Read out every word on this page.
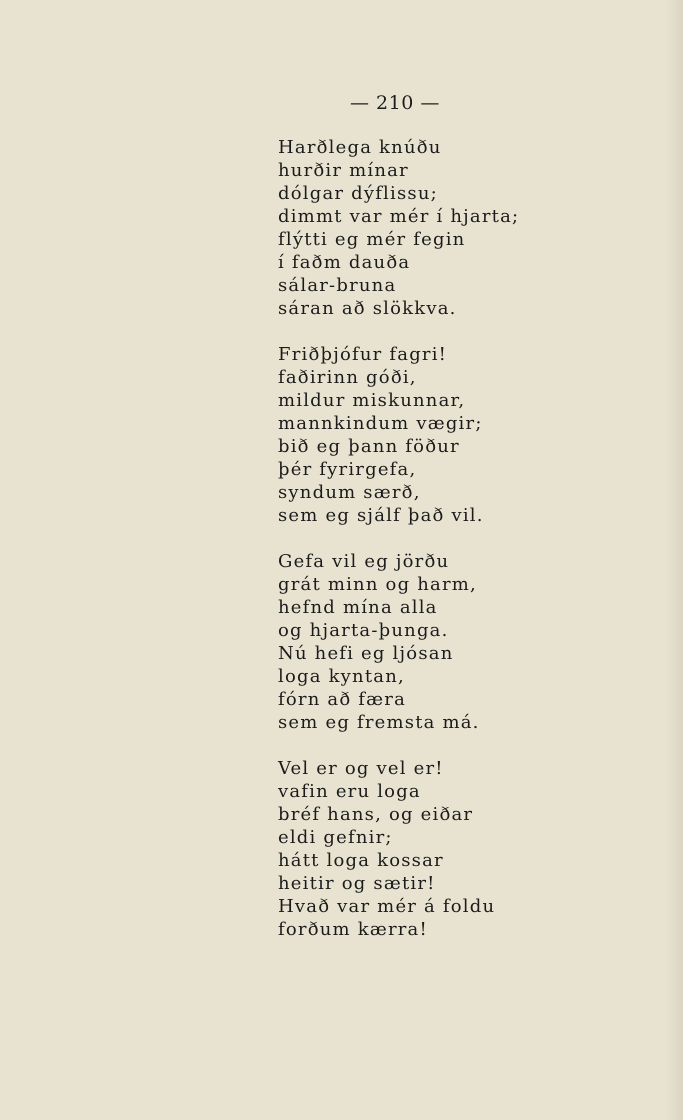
— 210 —
Harðlega knúðu
hurðir mínar
dólgar dýflissu;
dimmt var mér í hjarta;
flýtti eg mér fegin
í faðm dauða
sálar-bruna
sáran að slökkva.
Friðþjófur fagri!
faðirinn góði,
mildur miskunnar,
mannkindum vægir;
bið eg þann föður
þér fyrirgefa,
syndum særð,
sem eg sjálf það vil.
Gefa vil eg jörðu
grát minn og harm,
hefnd mína alla
og hjarta-þunga.
Nú hefi eg ljósan
loga kyntan,
fórn að færa
sem eg fremsta má.
Vel er og vel er!
vafin eru loga
bréf hans, og eiðar
eldi gefnir;
hátt loga kossar
heitir og sætir!
Hvað var mér á foldu
forðum kærra!
